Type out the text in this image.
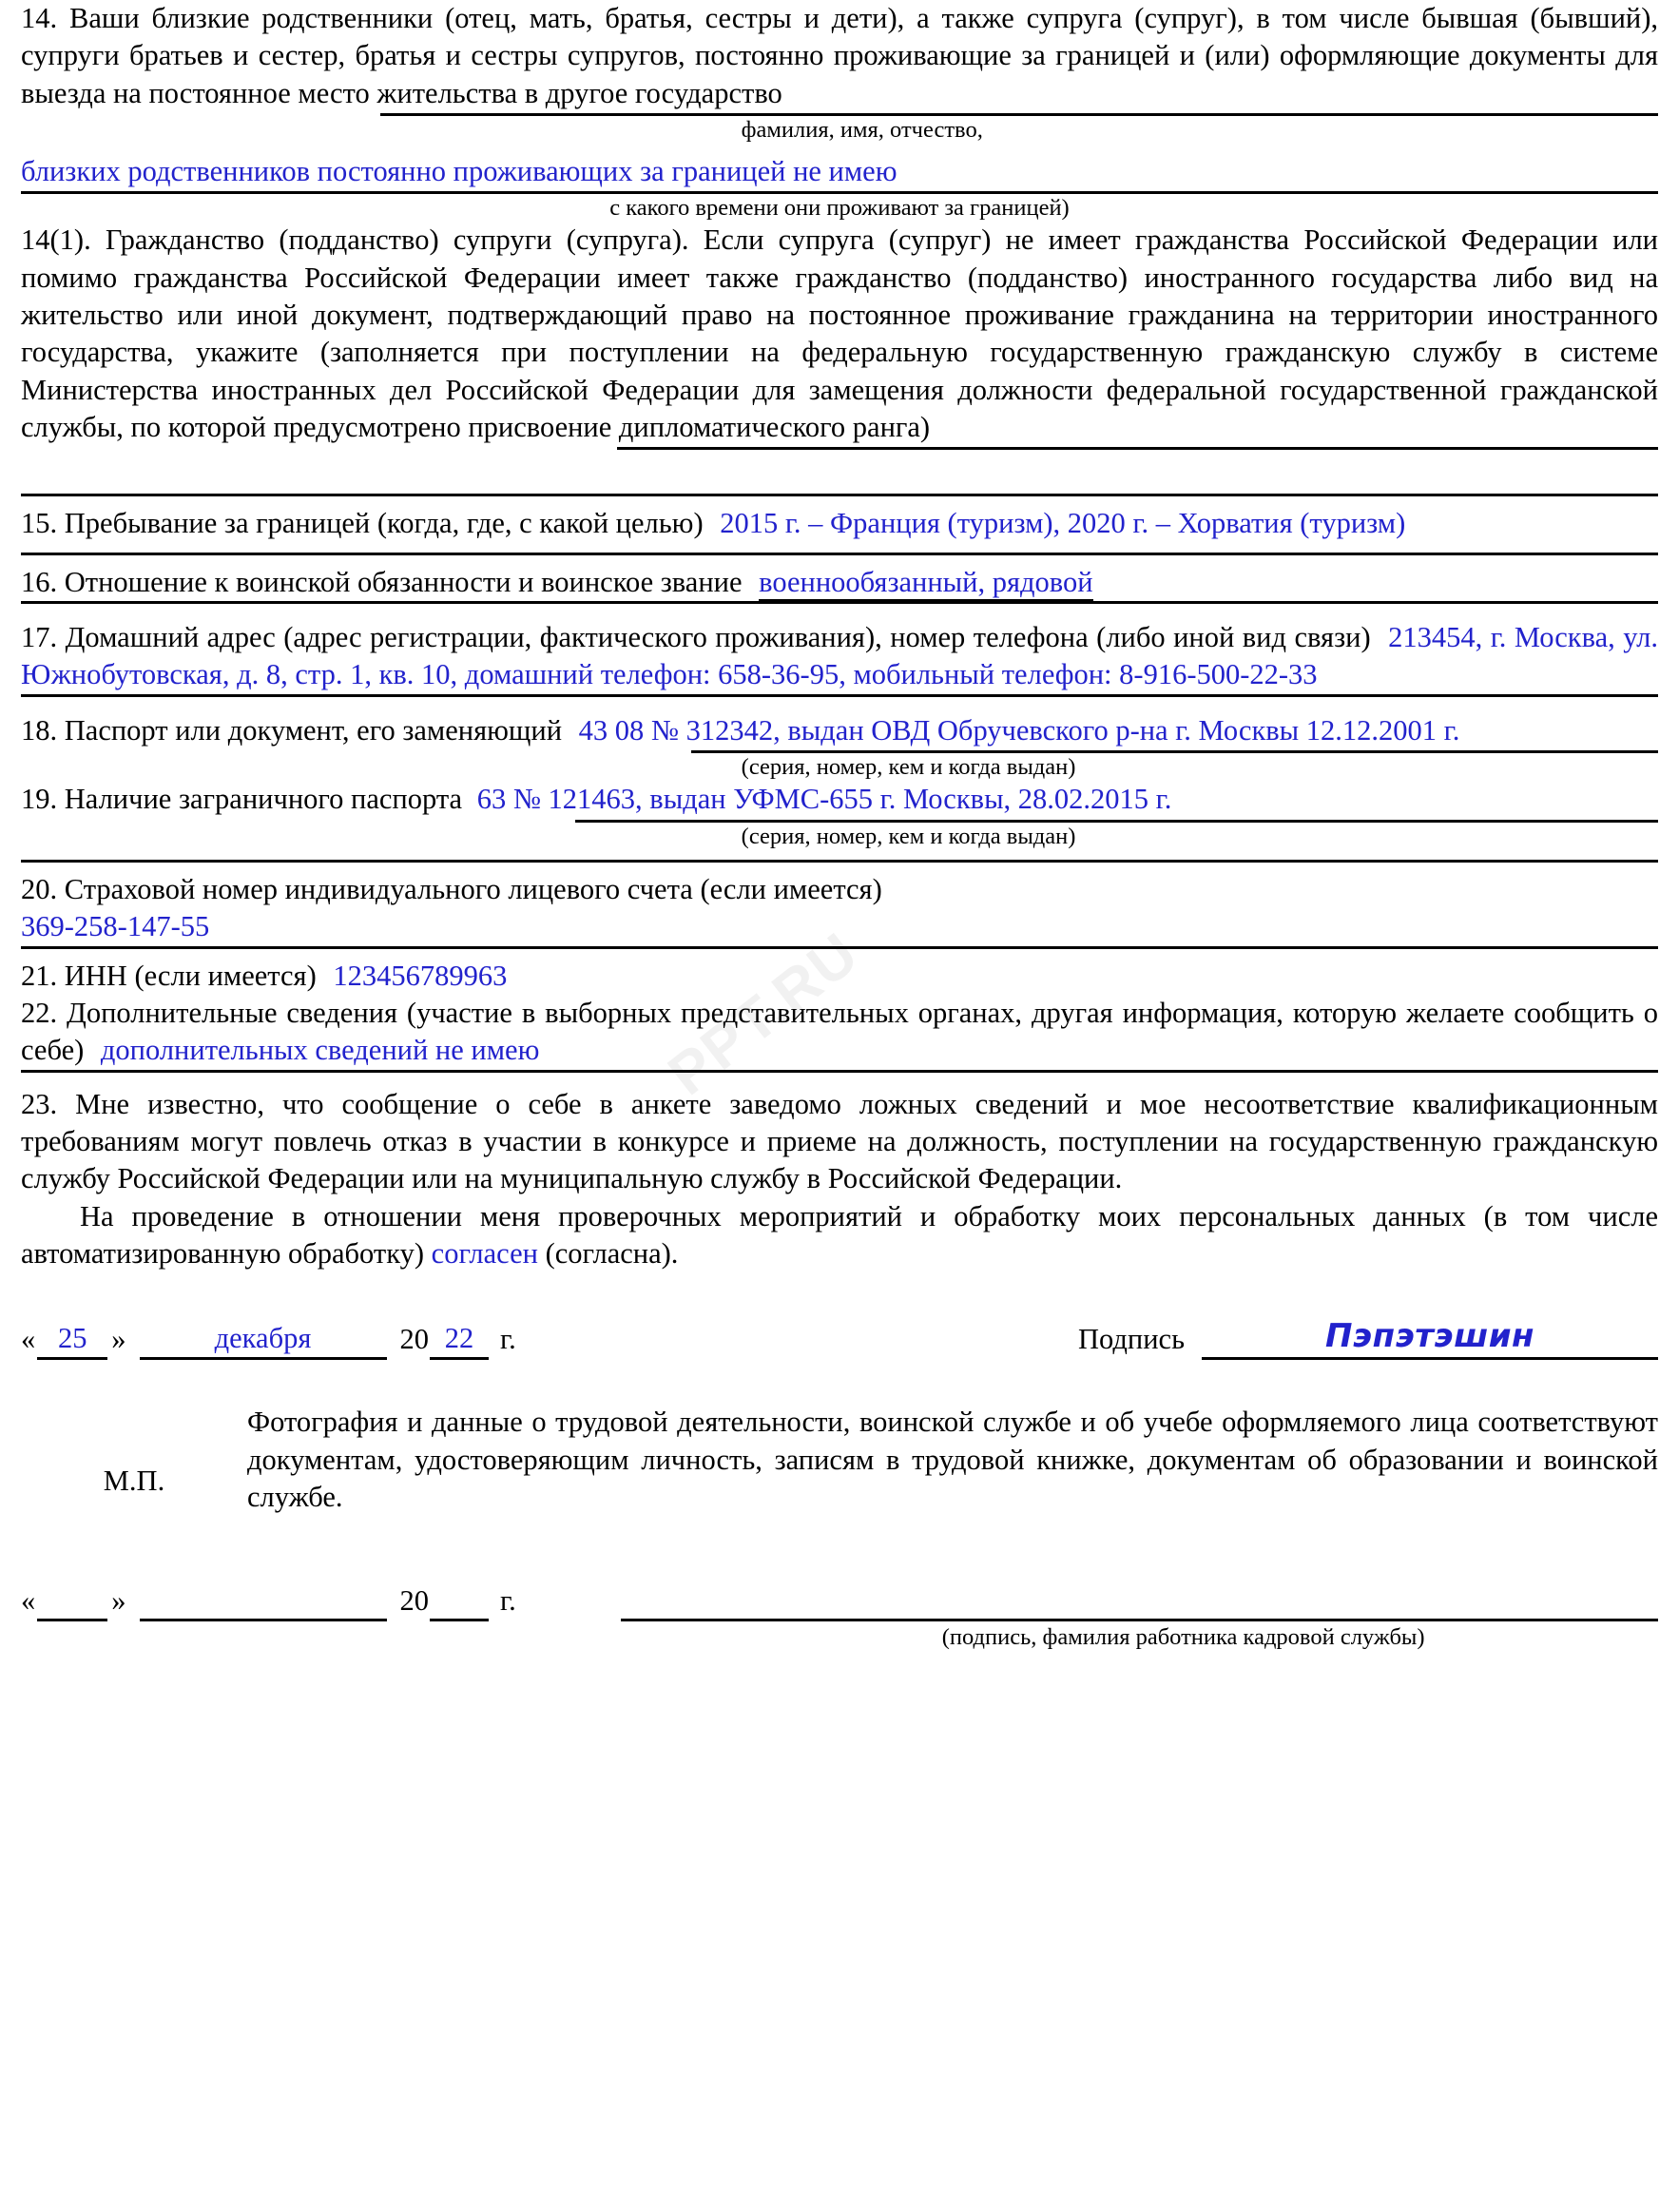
PPT.RU

14. Ваши близкие родственники (отец, мать, братья, сестры и дети), а также супруга (супруг), в том числе бывшая (бывший), супруги братьев и сестер, братья и сестры супругов, постоянно проживающие за границей и (или) оформляющие документы для выезда на постоянное место жительства в другое государство

фамилия, имя, отчество,

близких родственников постоянно проживающих за границей не имею

с какого времени они проживают за границей)

14(1). Гражданство (подданство) супруги (супруга). Если супруга (супруг) не имеет гражданства Российской Федерации или помимо гражданства Российской Федерации имеет также гражданство (подданство) иностранного государства либо вид на жительство или иной документ, подтверждающий право на постоянное проживание гражданина на территории иностранного государства, укажите (заполняется при поступлении на федеральную государственную гражданскую службу в системе Министерства иностранных дел Российской Федерации для замещения должности федеральной государственной гражданской службы, по которой предусмотрено присвоение дипломатического ранга)

15. Пребывание за границей (когда, где, с какой целью) 2015 г. – Франция (туризм), 2020 г. – Хорватия (туризм)

16. Отношение к воинской обязанности и воинское звание военнообязанный, рядовой

17. Домашний адрес (адрес регистрации, фактического проживания), номер телефона (либо иной вид связи) 213454, г. Москва, ул. Южнобутовская, д. 8, стр. 1, кв. 10, домашний телефон: 658-36-95, мобильный телефон: 8-916-500-22-33

18. Паспорт или документ, его заменяющий 43 08 № 312342, выдан ОВД Обручевского р-на г. Москвы 12.12.2001 г.

(серия, номер, кем и когда выдан)

19. Наличие заграничного паспорта 63 № 121463, выдан УФМС-655 г. Москвы, 28.02.2015 г.

(серия, номер, кем и когда выдан)

20. Страховой номер индивидуального лицевого счета (если имеется)

369-258-147-55

21. ИНН (если имеется) 123456789963

22. Дополнительные сведения (участие в выборных представительных органах, другая информация, которую желаете сообщить о себе) дополнительных сведений не имею

23. Мне известно, что сообщение о себе в анкете заведомо ложных сведений и мое несоответствие квалификационным требованиям могут повлечь отказ в участии в конкурсе и приеме на должность, поступлении на государственную гражданскую службу Российской Федерации или на муниципальную службу в Российской Федерации.

На проведение в отношении меня проверочных мероприятий и обработку моих персональных данных (в том числе автоматизированную обработку) согласен (согласна).

« 25 »	декабря	20 22 г.	Подпись	Пэпэтэшин
М.П.
Фотография и данные о трудовой деятельности, воинской службе и об учебе оформляемого лица соответствуют документам, удостоверяющим личность, записям в трудовой книжке, документам об образовании и воинской службе.
«	»	20	г.
(подпись, фамилия работника кадровой службы)
